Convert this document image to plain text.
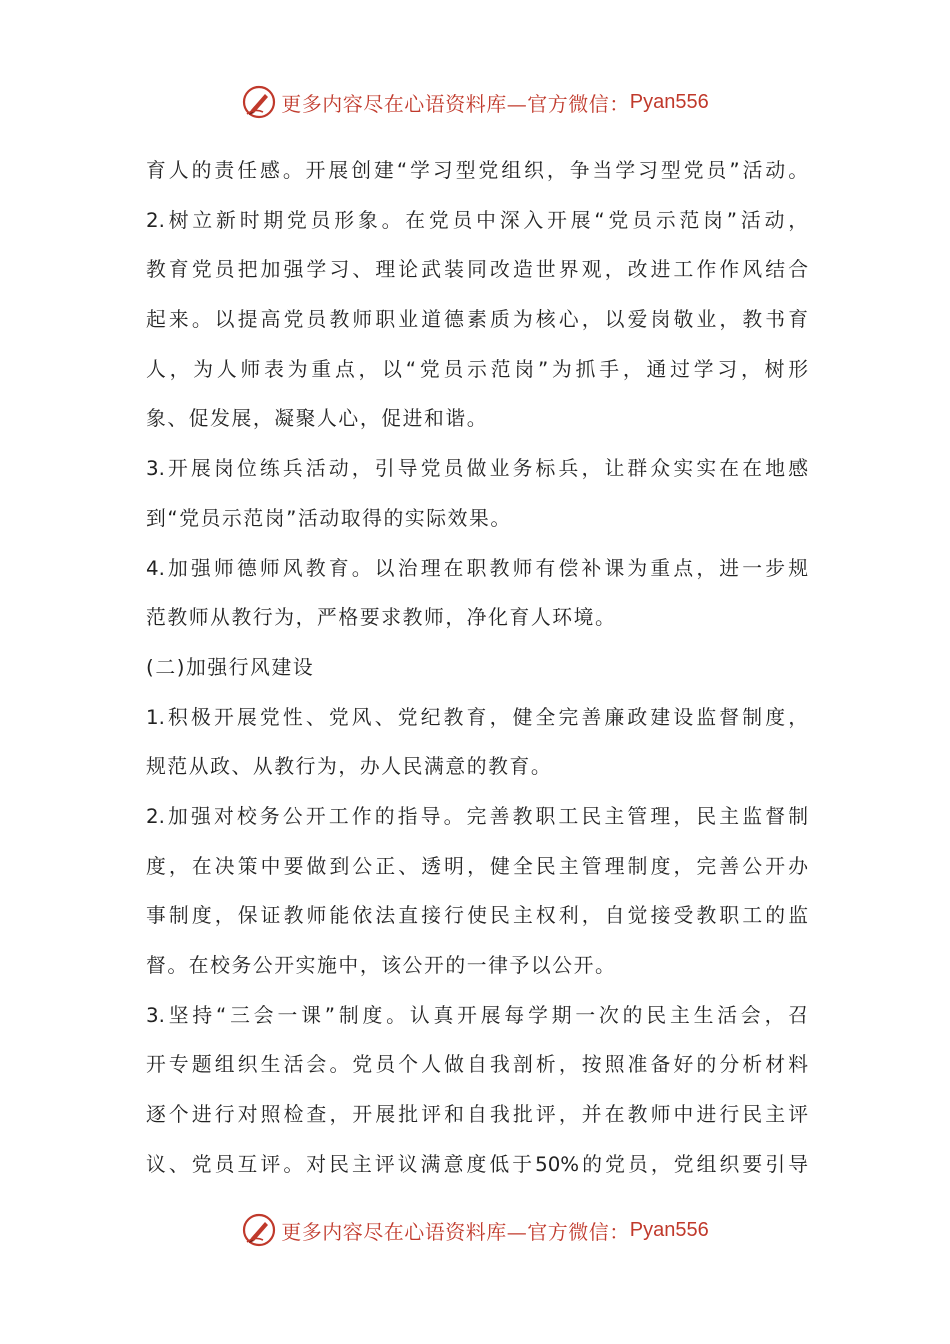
更多内容尽在心语资料库—官方微信： Pyan556
育人的责任感。开展创建“学习型党组织，争当学习型党员”活动。
2.树立新时期党员形象。在党员中深入开展“党员示范岗”活动，
教育党员把加强学习、理论武装同改造世界观，改进工作作风结合
起来。以提高党员教师职业道德素质为核心，以爱岗敬业，教书育
人，为人师表为重点，以“党员示范岗”为抓手，通过学习，树形
象、促发展，凝聚人心，促进和谐。
3.开展岗位练兵活动，引导党员做业务标兵，让群众实实在在地感
到“党员示范岗”活动取得的实际效果。
4.加强师德师风教育。以治理在职教师有偿补课为重点，进一步规
范教师从教行为，严格要求教师，净化育人环境。
(二)加强行风建设
1.积极开展党性、党风、党纪教育，健全完善廉政建设监督制度，
规范从政、从教行为，办人民满意的教育。
2.加强对校务公开工作的指导。完善教职工民主管理，民主监督制
度，在决策中要做到公正、透明，健全民主管理制度，完善公开办
事制度，保证教师能依法直接行使民主权利，自觉接受教职工的监
督。在校务公开实施中，该公开的一律予以公开。
3.坚持“三会一课”制度。认真开展每学期一次的民主生活会，召
开专题组织生活会。党员个人做自我剖析，按照准备好的分析材料
逐个进行对照检查，开展批评和自我批评，并在教师中进行民主评
议、党员互评。对民主评议满意度低于50%的党员，党组织要引导
更多内容尽在心语资料库—官方微信： Pyan556
